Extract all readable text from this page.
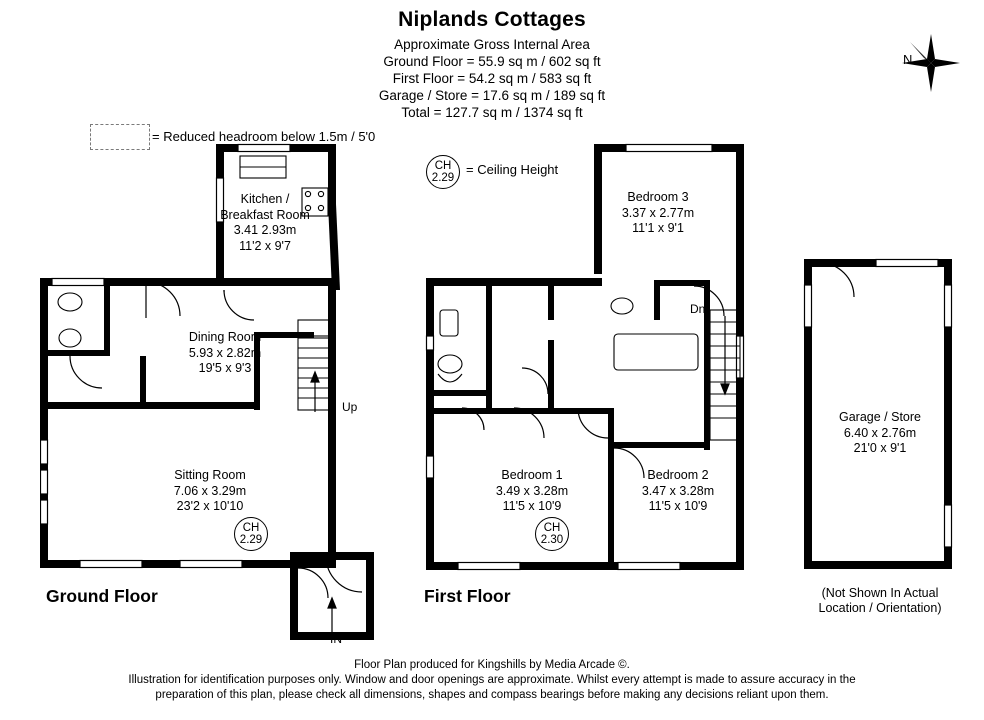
Niplands Cottages
Approximate Gross Internal Area
Ground Floor = 55.9 sq m / 602 sq ft
First Floor = 54.2 sq m / 583 sq ft
Garage / Store = 17.6 sq m / 189 sq ft
Total = 127.7 sq m / 1374 sq ft
= Reduced headroom below 1.5m / 5'0
CH
2.29
= Ceiling Height
N
Kitchen /
Breakfast Room
3.41 2.93m
11'2 x 9'7
Dining Room
5.93 x 2.82m
19'5 x 9'3
Sitting Room
7.06 x 3.29m
23'2 x 10'10
CH
2.29
Up
IN
Ground Floor
Bedroom 3
3.37 x 2.77m
11'1 x 9'1
Bedroom 1
3.49 x 3.28m
11'5 x 10'9
Bedroom 2
3.47 x 3.28m
11'5 x 10'9
CH
2.30
Dn
First Floor
Garage / Store
6.40 x 2.76m
21'0 x 9'1
(Not Shown In Actual
Location / Orientation)
Floor Plan produced for Kingshills by Media Arcade ©.
Illustration for identification purposes only. Window and door openings are approximate. Whilst every attempt is made to assure accuracy in the
preparation of this plan, please check all dimensions, shapes and compass bearings before making any decisions reliant upon them.
